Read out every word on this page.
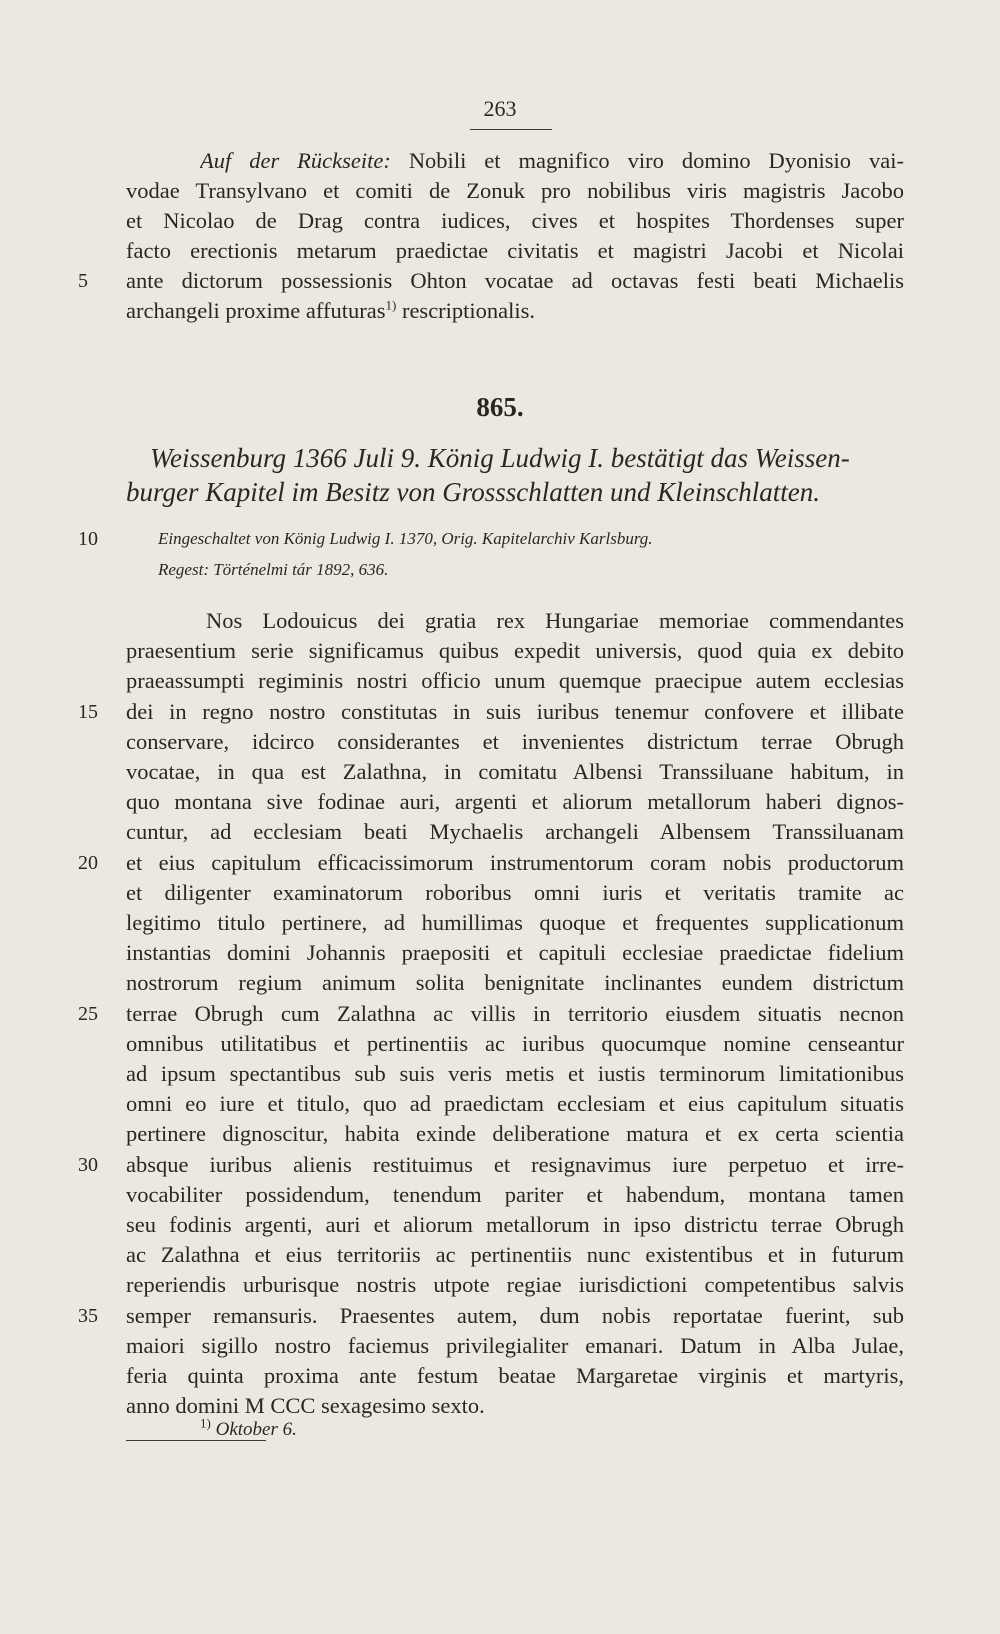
263
Auf der Rückseite: Nobili et magnifico viro domino Dyonisio vai-
vodae Transylvano et comiti de Zonuk pro nobilibus viris magistris Jacobo
et Nicolao de Drag contra iudices, cives et hospites Thordenses super
facto erectionis metarum praedictae civitatis et magistri Jacobi et Nicolai
5	ante dictorum possessionis Ohton vocatae ad octavas festi beati Michaelis
archangeli proxime affuturas$^{1)}$ rescriptionalis.
865.
Weissenburg 1366 Juli 9. König Ludwig I. bestätigt das Weissen-
burger Kapitel im Besitz von Grossschlatten und Kleinschlatten.
10	Eingeschaltet von König Ludwig I. 1370, Orig. Kapitelarchiv Karlsburg.
Regest: Történelmi tár 1892, 636.
Nos Lodouicus dei gratia rex Hungariae memoriae commendantes
praesentium serie significamus quibus expedit universis, quod quia ex debito
praeassumpti regiminis nostri officio unum quemque praecipue autem ecclesias
15	dei in regno nostro constitutas in suis iuribus tenemur confovere et illibate
conservare, idcirco considerantes et invenientes districtum terrae Obrugh
vocatae, in qua est Zalathna, in comitatu Albensi Transsiluane habitum, in
quo montana sive fodinae auri, argenti et aliorum metallorum haberi dignos-
cuntur, ad ecclesiam beati Mychaelis archangeli Albensem Transsiluanam
20	et eius capitulum efficacissimorum instrumentorum coram nobis productorum
et diligenter examinatorum roboribus omni iuris et veritatis tramite ac
legitimo titulo pertinere, ad humillimas quoque et frequentes supplicationum
instantias domini Johannis praepositi et capituli ecclesiae praedictae fidelium
nostrorum regium animum solita benignitate inclinantes eundem districtum
25	terrae Obrugh cum Zalathna ac villis in territorio eiusdem situatis necnon
omnibus utilitatibus et pertinentiis ac iuribus quocumque nomine censeantur
ad ipsum spectantibus sub suis veris metis et iustis terminorum limitationibus
omni eo iure et titulo, quo ad praedictam ecclesiam et eius capitulum situatis
pertinere dignoscitur, habita exinde deliberatione matura et ex certa scientia
30	absque iuribus alienis restituimus et resignavimus iure perpetuo et irre-
vocabiliter possidendum, tenendum pariter et habendum, montana tamen
seu fodinis argenti, auri et aliorum metallorum in ipso districtu terrae Obrugh
ac Zalathna et eius territoriis ac pertinentiis nunc existentibus et in futurum
reperiendis urburisque nostris utpote regiae iurisdictioni competentibus salvis
35	semper remansuris. Praesentes autem, dum nobis reportatae fuerint, sub
maiori sigillo nostro faciemus privilegialiter emanari. Datum in Alba Julae,
feria quinta proxima ante festum beatae Margaretae virginis et martyris,
anno domini M CCC sexagesimo sexto.
$^{1)}$ Oktober 6.
